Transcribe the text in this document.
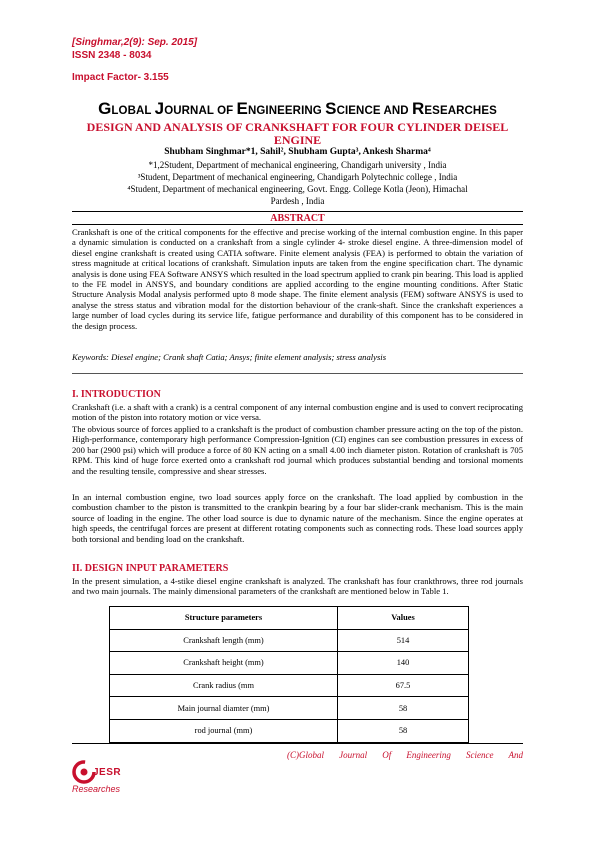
[Singhmar,2(9): Sep. 2015]
ISSN 2348 - 8034
Impact Factor- 3.155
GLOBAL JOURNAL OF ENGINEERING SCIENCE AND RESEARCHES
DESIGN AND ANALYSIS OF CRANKSHAFT FOR FOUR CYLINDER DEISEL
ENGINE
Shubham Singhmar*1, Sahil², Shubham Gupta³, Ankesh Sharma⁴
*1,2Student, Department of mechanical engineering, Chandigarh university , India
³Student, Department of mechanical engineering, Chandigarh Polytechnic college , India
⁴Student, Department of mechanical engineering, Govt. Engg. College Kotla (Jeon), Himachal
Pardesh , India
ABSTRACT
Crankshaft is one of the critical components for the effective and precise working of the internal combustion engine. In this paper a dynamic simulation is conducted on a crankshaft from a single cylinder 4- stroke diesel engine. A three-dimension model of diesel engine crankshaft is created using CATIA software. Finite element analysis (FEA) is performed to obtain the variation of stress magnitude at critical locations of crankshaft. Simulation inputs are taken from the engine specification chart. The dynamic analysis is done using FEA Software ANSYS which resulted in the load spectrum applied to crank pin bearing. This load is applied to the FE model in ANSYS, and boundary conditions are applied according to the engine mounting conditions. After Static Structure Analysis Modal analysis performed upto 8 mode shape. The finite element analysis (FEM) software ANSYS is used to analyse the stress status and vibration modal for the distortion behaviour of the crank-shaft. Since the crankshaft experiences a large number of load cycles during its service life, fatigue performance and durability of this component has to be considered in the design process.
Keywords: Diesel engine; Crank shaft Catia; Ansys; finite element analysis; stress analysis
I. INTRODUCTION
Crankshaft (i.e. a shaft with a crank) is a central component of any internal combustion engine and is used to convert reciprocating motion of the piston into rotatory motion or vice versa.
The obvious source of forces applied to a crankshaft is the product of combustion chamber pressure acting on the top of the piston. High-performance, contemporary high performance Compression-Ignition (CI) engines can see combustion pressures in excess of 200 bar (2900 psi) which will produce a force of 80 KN acting on a small 4.00 inch diameter piston. Rotation of crankshaft is 705 RPM. This kind of huge force exerted onto a crankshaft rod journal which produces substantial bending and torsional moments and the resulting tensile, compressive and shear stresses.
In an internal combustion engine, two load sources apply force on the crankshaft. The load applied by combustion in the combustion chamber to the piston is transmitted to the crankpin bearing by a four bar slider-crank mechanism. This is the main source of loading in the engine. The other load source is due to dynamic nature of the mechanism. Since the engine operates at high speeds, the centrifugal forces are present at different rotating components such as connecting rods. These load sources apply both torsional and bending load on the crankshaft.
II. DESIGN INPUT PARAMETERS
In the present simulation, a 4-stike diesel engine crankshaft is analyzed. The crankshaft has four crankthrows, three rod journals and two main journals. The mainly dimensional parameters of the crankshaft are mentioned below in Table 1.
Structure parameters	Values
Crankshaft length (mm)	514
Crankshaft height (mm)	140
Crank radius (mm	67.5
Main journal diamter (mm)	58
rod journal (mm)	58
(C)Global Journal Of Engineering Science And
JESR
Researches
